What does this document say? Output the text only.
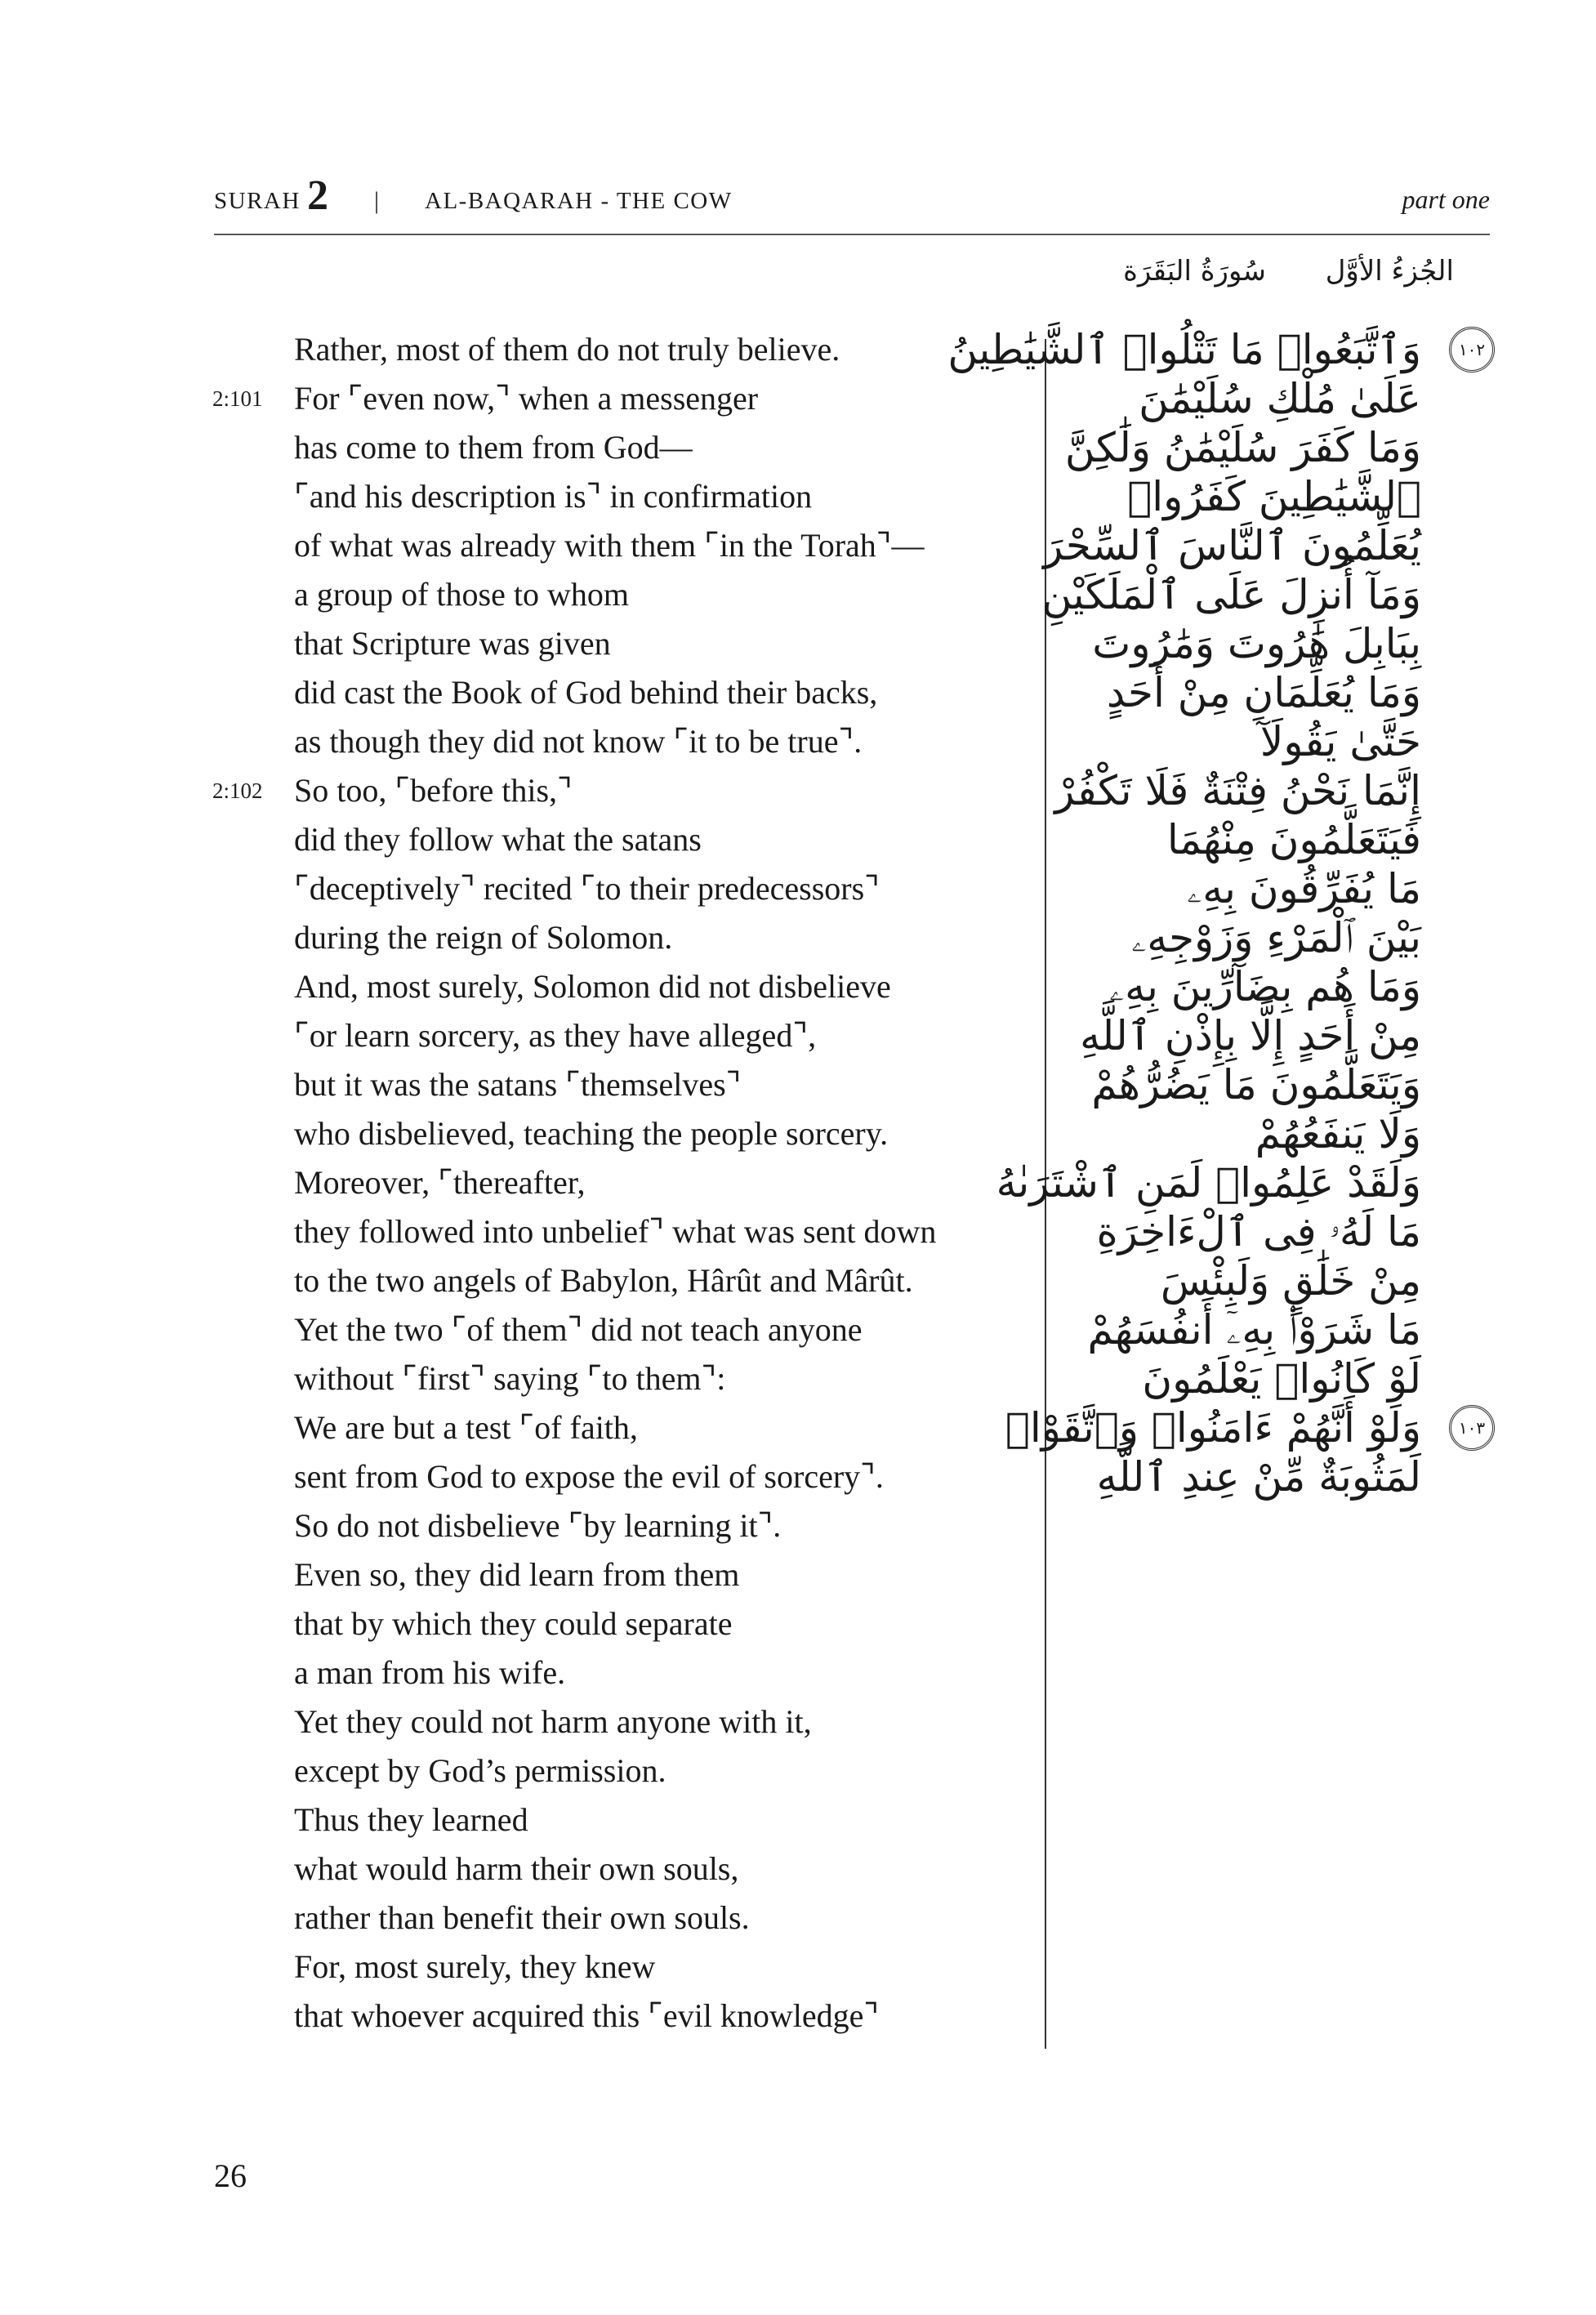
SURAH 2 | AL-BAQARAH - THE COW	part one
الجُزءُ الأوَّل
سُورَةُ البَقَرَة
Rather, most of them do not truly believe.
2:101 For ⌜even now,⌝ when a messenger
has come to them from God—
⌜and his description is⌝ in confirmation
of what was already with them ⌜in the Torah⌝—
a group of those to whom
that Scripture was given
did cast the Book of God behind their backs,
as though they did not know ⌜it to be true⌝.
2:102 So too, ⌜before this,⌝
did they follow what the satans
⌜deceptively⌝ recited ⌜to their predecessors⌝
during the reign of Solomon.
And, most surely, Solomon did not disbelieve
⌜or learn sorcery, as they have alleged⌝,
but it was the satans ⌜themselves⌝
who disbelieved, teaching the people sorcery.
Moreover, ⌜thereafter,
they followed into unbelief⌝ what was sent down
to the two angels of Babylon, Hârût and Mârût.
Yet the two ⌜of them⌝ did not teach anyone
without ⌜first⌝ saying ⌜to them⌝:
We are but a test ⌜of faith,
sent from God to expose the evil of sorcery⌝.
So do not disbelieve ⌜by learning it⌝.
Even so, they did learn from them
that by which they could separate
a man from his wife.
Yet they could not harm anyone with it,
except by God’s permission.
Thus they learned
what would harm their own souls,
rather than benefit their own souls.
For, most surely, they knew
that whoever acquired this ⌜evil knowledge⌝
١٠٢
وَٱتَّبَعُوا۟ مَا تَتْلُوا۟ ٱلشَّيَٰطِينُ
عَلَىٰ مُلْكِ سُلَيْمَٰنَ
وَمَا كَفَرَ سُلَيْمَٰنُ وَلَٰكِنَّ
ٱلشَّيَٰطِينَ كَفَرُوا۟
يُعَلِّمُونَ ٱلنَّاسَ ٱلسِّحْرَ
وَمَآ أُنزِلَ عَلَى ٱلْمَلَكَيْنِ
بِبَابِلَ هَٰرُوتَ وَمَٰرُوتَ
وَمَا يُعَلِّمَانِ مِنْ أَحَدٍ
حَتَّىٰ يَقُولَآ
إِنَّمَا نَحْنُ فِتْنَةٌ فَلَا تَكْفُرْ
فَيَتَعَلَّمُونَ مِنْهُمَا
مَا يُفَرِّقُونَ بِهِۦ
بَيْنَ ٱلْمَرْءِ وَزَوْجِهِۦ
وَمَا هُم بِضَآرِّينَ بِهِۦ
مِنْ أَحَدٍ إِلَّا بِإِذْنِ ٱللَّهِ
وَيَتَعَلَّمُونَ مَا يَضُرُّهُمْ
وَلَا يَنفَعُهُمْ
وَلَقَدْ عَلِمُوا۟ لَمَنِ ٱشْتَرَىٰهُ
مَا لَهُۥ فِى ٱلْءَاخِرَةِ
مِنْ خَلَٰقٍ وَلَبِئْسَ
مَا شَرَوْا۟ بِهِۦٓ أَنفُسَهُمْ
لَوْ كَانُوا۟ يَعْلَمُونَ
١٠٣
وَلَوْ أَنَّهُمْ ءَامَنُوا۟ وَٱتَّقَوْا۟
لَمَثُوبَةٌ مِّنْ عِندِ ٱللَّهِ
26
